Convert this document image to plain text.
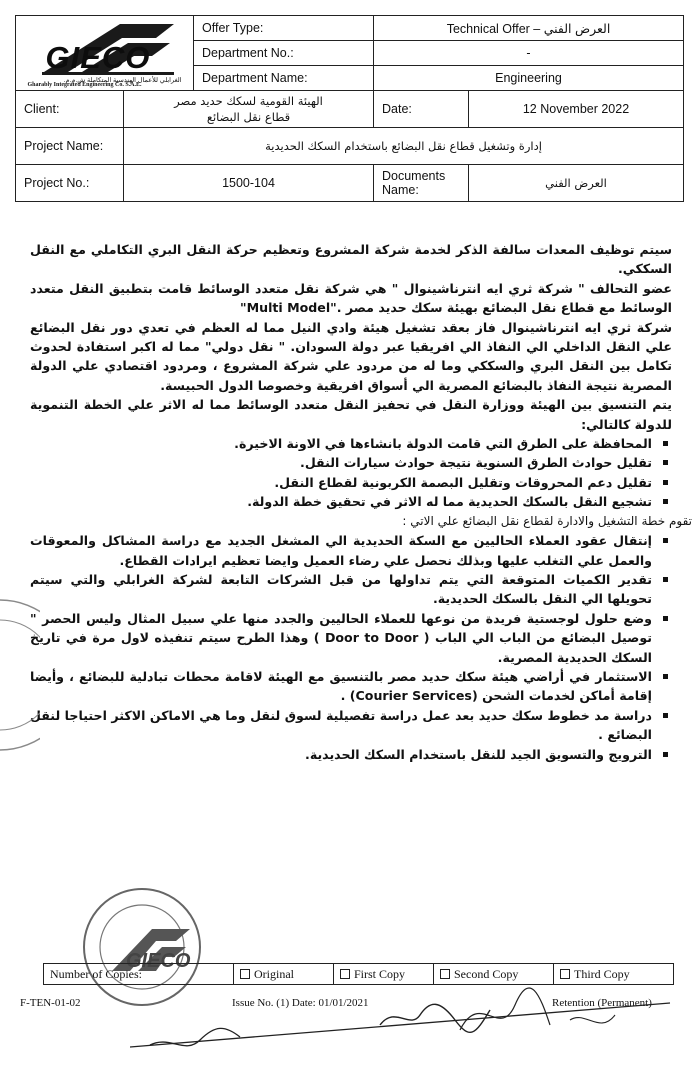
GIECO
الغرابلي للأعمال الهندسية المتكاملة ش.م.م.
Gharably Integrated Engineering Co. S.A.E.		Offer Type:	Technical Offer – العرض الفني	
		Department No.:	-	
		Department Name:	Engineering	
Client:	الهيئة القومية لسكك حديد مصر
قطاع نقل البضائع		Date:	12 November 2022
Project Name:	إدارة وتشغيل قطاع نقل البضائع باستخدام السكك الحديدية			
Project No.:	1500-104		Documents Name:	العرض الفني

سيتم توظيف المعدات سالفة الذكر لخدمة شركة المشروع وتعظيم حركة النقل البري التكاملي مع النقل السككي.

عضو التحالف " شركة ثري ايه انترناشينوال " هي شركة نقل متعدد الوسائط قامت بتطبيق النقل متعدد الوسائط مع قطاع نقل البضائع بهيئة سكك حديد مصر "Multi Model".

شركة ثري ايه انترناشينوال فاز بعقد تشغيل هيئة وادي النيل مما له العظم في تعدي دور نقل البضائع علي النقل الداخلي الي النفاذ الي افريقيا عبر دولة السودان. " نقل دولي" مما له اكبر استفادة لحدوث تكامل بين النقل البري والسككي وما له من مردود علي شركة المشروع ، ومردود اقتصادي علي الدولة المصرية نتيجة النفاذ بالبضائع المصرية الي أسواق افريقية وخصوصا الدول الحبيسة.

يتم التنسيق بين الهيئة ووزارة النقل في تحفيز النقل متعدد الوسائط مما له الاثر علي الخطة التنموية للدولة كالتالي:

المحافظة على الطرق التي قامت الدولة بانشاءها في الاونة الاخيرة.
تقليل حوادث الطرق السنوية نتيجة حوادث سيارات النقل.
تقليل دعم المحروقات وتقليل البصمة الكربونية لقطاع النقل.
تشجيع النقل بالسكك الحديدية مما له الاثر في تحقيق خطة الدولة.

تقوم خطة التشغيل والادارة لقطاع نقل البضائع علي الاتي :

إنتقال عقود العملاء الحاليين مع السكة الحديدية الي المشغل الجديد مع دراسة المشاكل والمعوقات والعمل علي التغلب عليها وبذلك نحصل علي رضاء العميل وايضا تعظيم ايرادات القطاع.
تقدير الكميات المتوقعة التي يتم تداولها من قبل الشركات التابعة لشركة الغرابلي والتي سيتم تحويلها الي النقل بالسكك الحديدية.
وضع حلول لوجستية فريدة من نوعها للعملاء الحاليين والجدد منها علي سبيل المثال وليس الحصر " توصيل البضائع من الباب الي الباب ( Door to Door ) وهذا الطرح سيتم تنفيذه لاول مرة في تاريخ السكك الحديدية المصرية.
الاستثمار في أراضي هيئة سكك حديد مصر بالتنسيق مع الهيئة لاقامة محطات تبادلية للبضائع ، وأيضا إقامة أماكن لخدمات الشحن (Courier Services) .
دراسة مد خطوط سكك حديد بعد عمل دراسة تفصيلية لسوق لنقل وما هي الاماكن الاكثر احتياجا لنقل البضائع .
الترويج والتسويق الجيد للنقل باستخدام السكك الحديدية.
GIECO
Number of Copies:	Original	First Copy	Second Copy	Third Copy
F-TEN-01-02	Issue No. (1) Date: 01/01/2021	Retention (Permanent)
